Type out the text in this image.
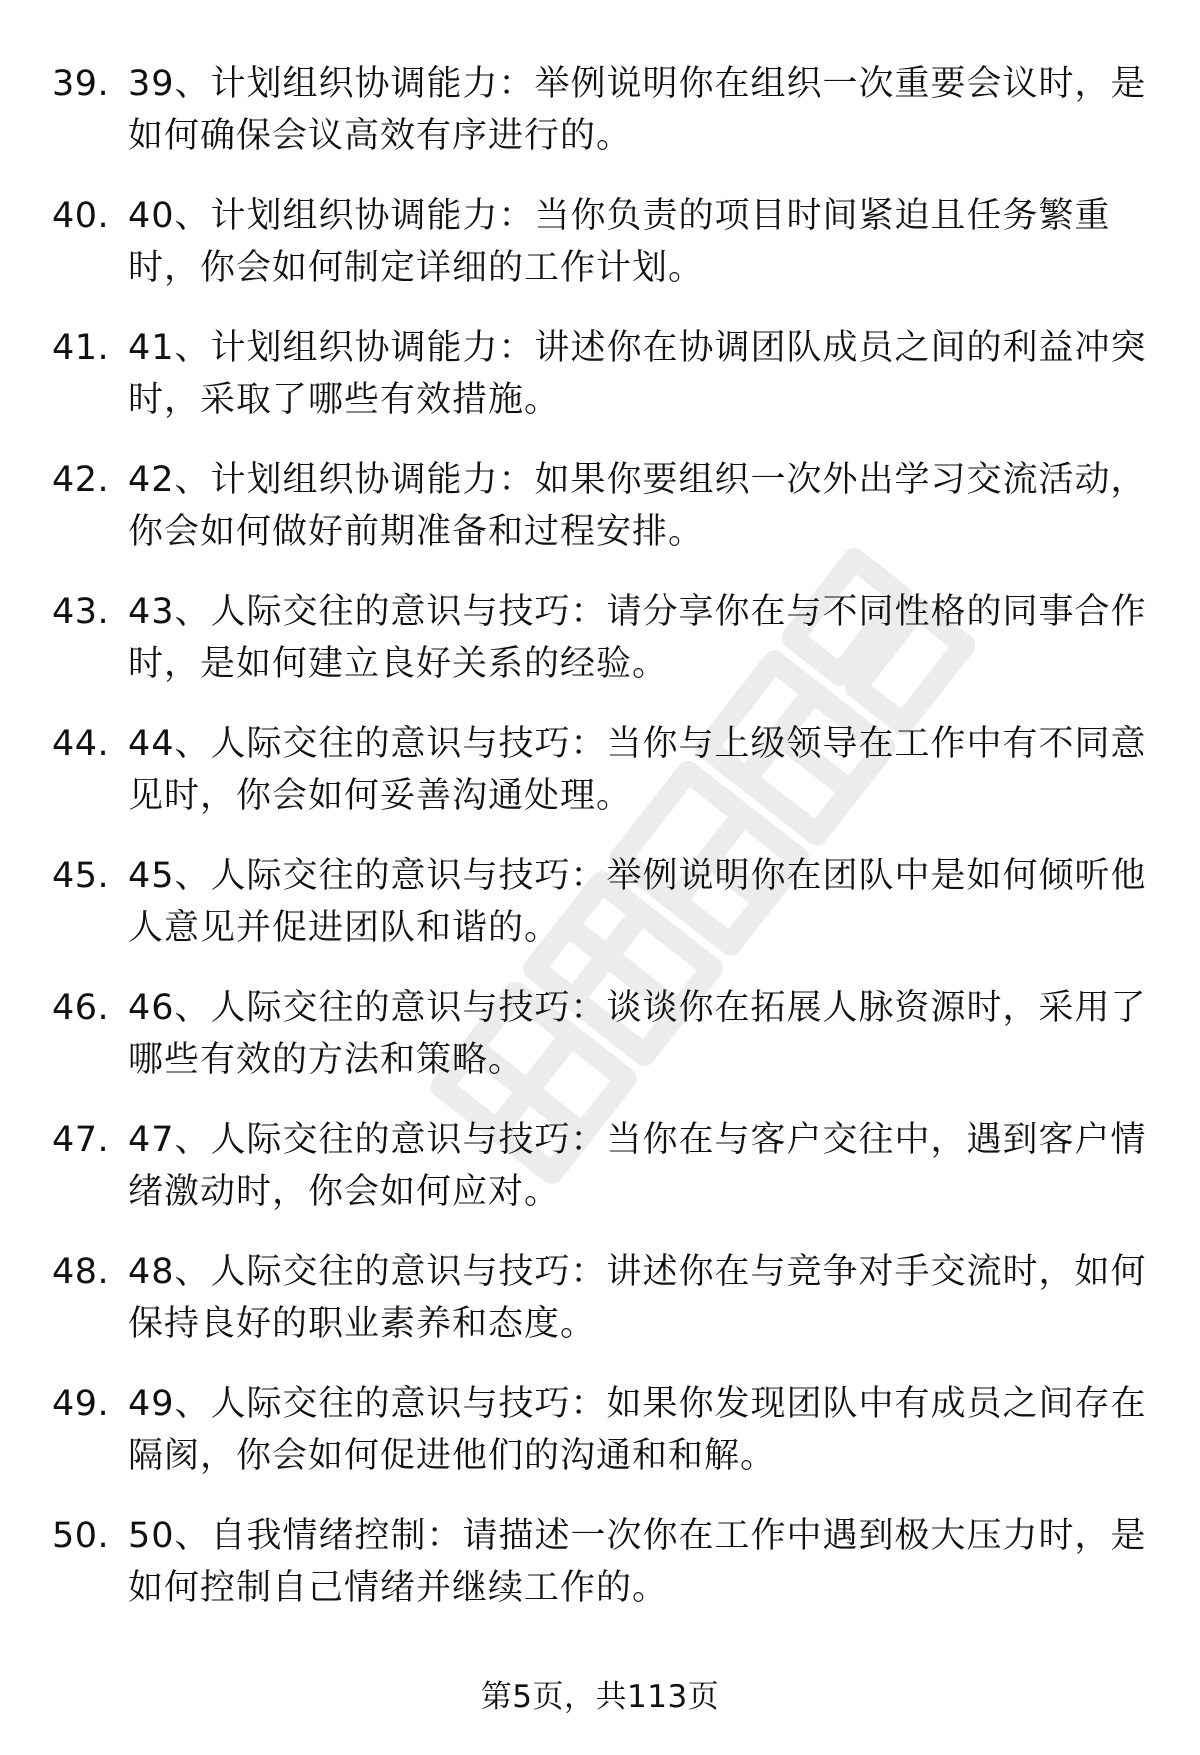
39. 39、计划组织协调能力：举例说明你在组织一次重要会议时，是如何确保会议高效有序进行的。
40. 40、计划组织协调能力：当你负责的项目时间紧迫且任务繁重时，你会如何制定详细的工作计划。
41. 41、计划组织协调能力：讲述你在协调团队成员之间的利益冲突时，采取了哪些有效措施。
42. 42、计划组织协调能力：如果你要组织一次外出学习交流活动，你会如何做好前期准备和过程安排。
43. 43、人际交往的意识与技巧：请分享你在与不同性格的同事合作时，是如何建立良好关系的经验。
44. 44、人际交往的意识与技巧：当你与上级领导在工作中有不同意见时，你会如何妥善沟通处理。
45. 45、人际交往的意识与技巧：举例说明你在团队中是如何倾听他人意见并促进团队和谐的。
46. 46、人际交往的意识与技巧：谈谈你在拓展人脉资源时，采用了哪些有效的方法和策略。
47. 47、人际交往的意识与技巧：当你在与客户交往中，遇到客户情绪激动时，你会如何应对。
48. 48、人际交往的意识与技巧：讲述你在与竞争对手交流时，如何保持良好的职业素养和态度。
49. 49、人际交往的意识与技巧：如果你发现团队中有成员之间存在隔阂，你会如何促进他们的沟通和和解。
50. 50、自我情绪控制：请描述一次你在工作中遇到极大压力时，是如何控制自己情绪并继续工作的。
第5页，共113页
